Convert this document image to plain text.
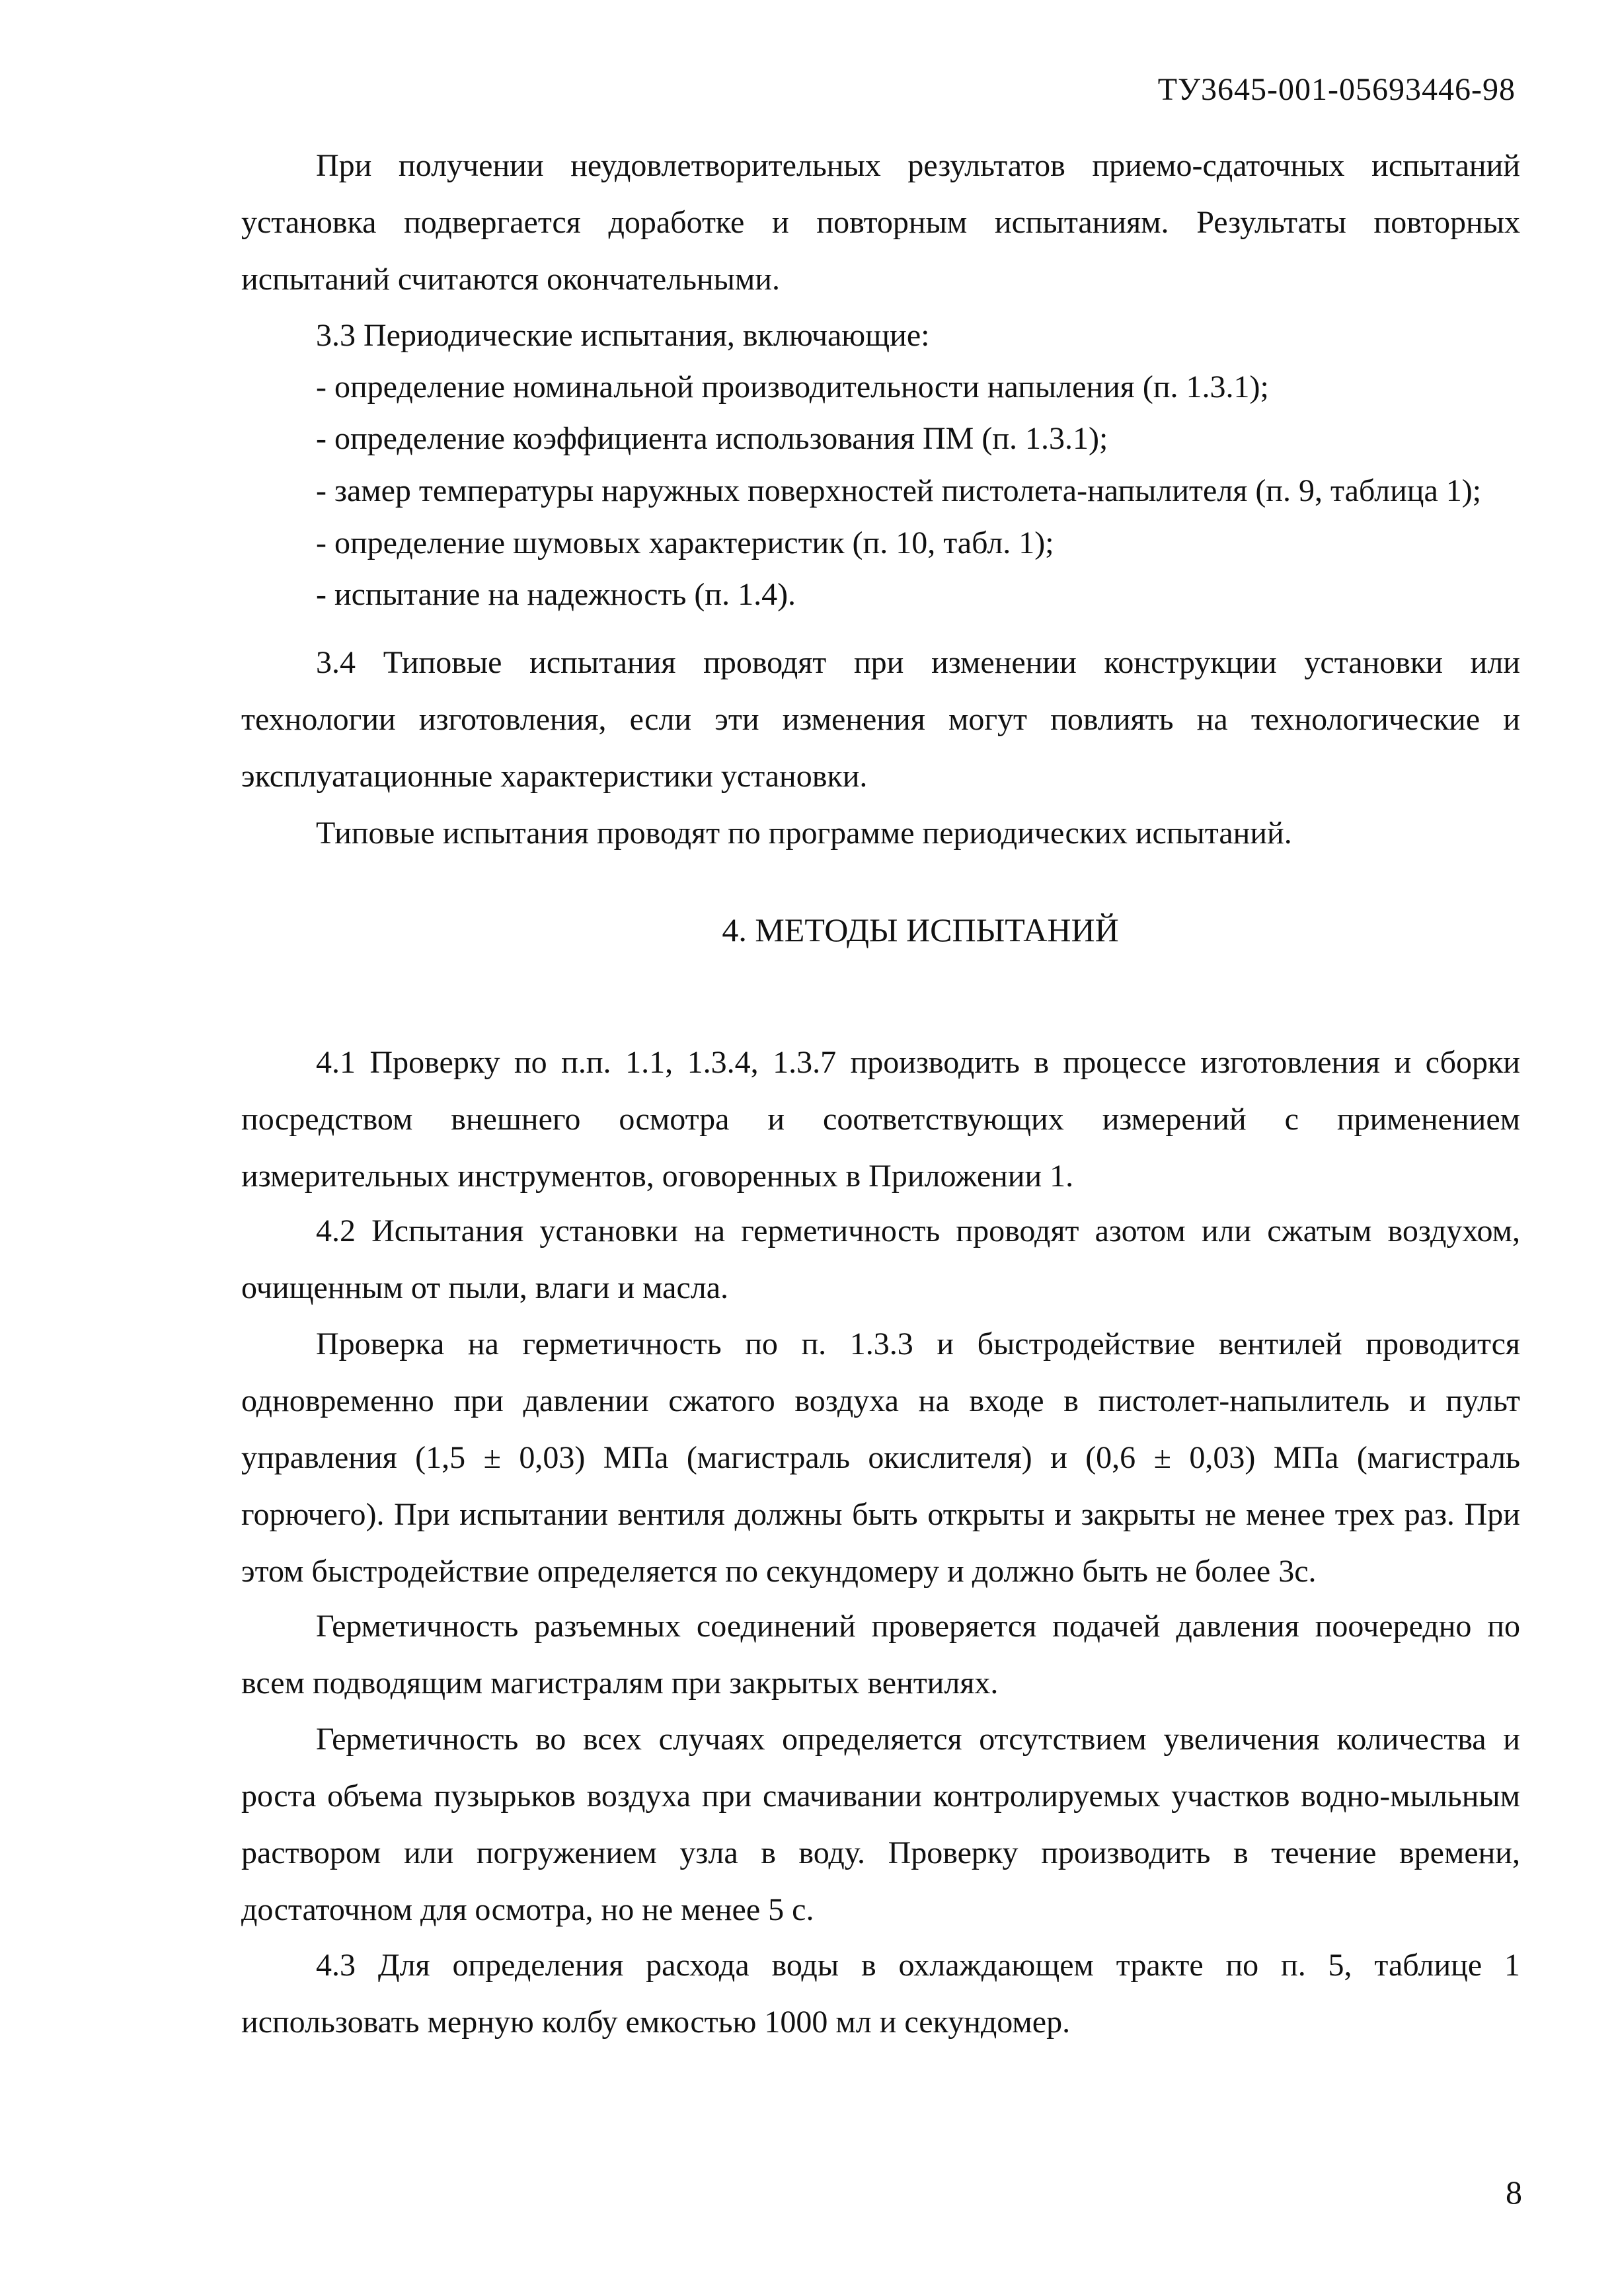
ТУ3645-001-05693446-98

При получении неудовлетворительных результатов приемо-сдаточных испытаний установка подвергается доработке и повторным испытаниям. Результаты повторных испытаний считаются окончательными.

3.3 Периодические испытания, включающие:

- определение номинальной производительности напыления (п. 1.3.1);

- определение коэффициента использования ПМ (п. 1.3.1);

- замер температуры наружных поверхностей пистолета-напылителя (п. 9, таблица 1);

- определение шумовых характеристик (п. 10, табл. 1);

- испытание на надежность (п. 1.4).

3.4 Типовые испытания проводят при изменении конструкции установки или технологии изготовления, если эти изменения могут повлиять на технологические и эксплуатационные характеристики установки.

Типовые испытания проводят по программе периодических испытаний.

4. МЕТОДЫ ИСПЫТАНИЙ

4.1 Проверку по п.п. 1.1, 1.3.4, 1.3.7 производить в процессе изготовления и сборки посредством внешнего осмотра и соответствующих измерений с применением измерительных инструментов, оговоренных в Приложении 1.

4.2 Испытания установки на герметичность проводят азотом или сжатым воздухом, очищенным от пыли, влаги и масла.

Проверка на герметичность по п. 1.3.3 и быстродействие вентилей проводится одновременно при давлении сжатого воздуха на входе в пистолет-напылитель и пульт управления (1,5 ± 0,03) МПа (магистраль окислителя) и (0,6 ± 0,03) МПа (магистраль горючего). При испытании вентиля должны быть открыты и закрыты не менее трех раз. При этом быстродействие определяется по секундомеру и должно быть не более 3с.

Герметичность разъемных соединений проверяется подачей давления поочередно по всем подводящим магистралям при закрытых вентилях.

Герметичность во всех случаях определяется отсутствием увеличения количества и роста объема пузырьков воздуха при смачивании контролируемых участков водно-мыльным раствором или погружением узла в воду. Проверку производить в течение времени, достаточном для осмотра, но не менее 5 с.

4.3 Для определения расхода воды в охлаждающем тракте по п. 5, таблице 1 использовать мерную колбу емкостью 1000 мл и секундомер.

8
